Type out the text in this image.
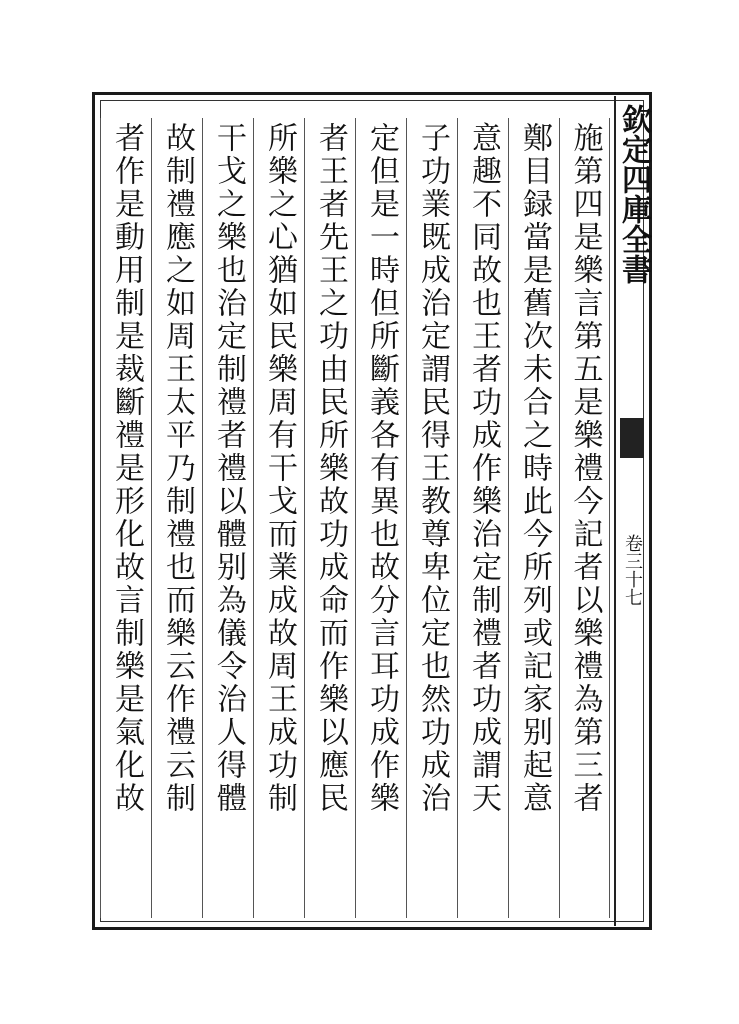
欽定四庫全書
卷三十七
施第四是樂言第五是樂禮今記者以樂禮為第三者
鄭目録當是舊次未合之時此今所列或記家别起意
意趣不同故也王者功成作樂治定制禮者功成謂天
子功業既成治定謂民得王教尊卑位定也然功成治
定但是一時但所斷義各有異也故分言耳功成作樂
者王者先王之功由民所樂故功成命而作樂以應民
所樂之心猶如民樂周有干戈而業成故周王成功制
干戈之樂也治定制禮者禮以體别為儀令治人得體
故制禮應之如周王太平乃制禮也而樂云作禮云制
者作是動用制是裁斷禮是形化故言制樂是氣化故
